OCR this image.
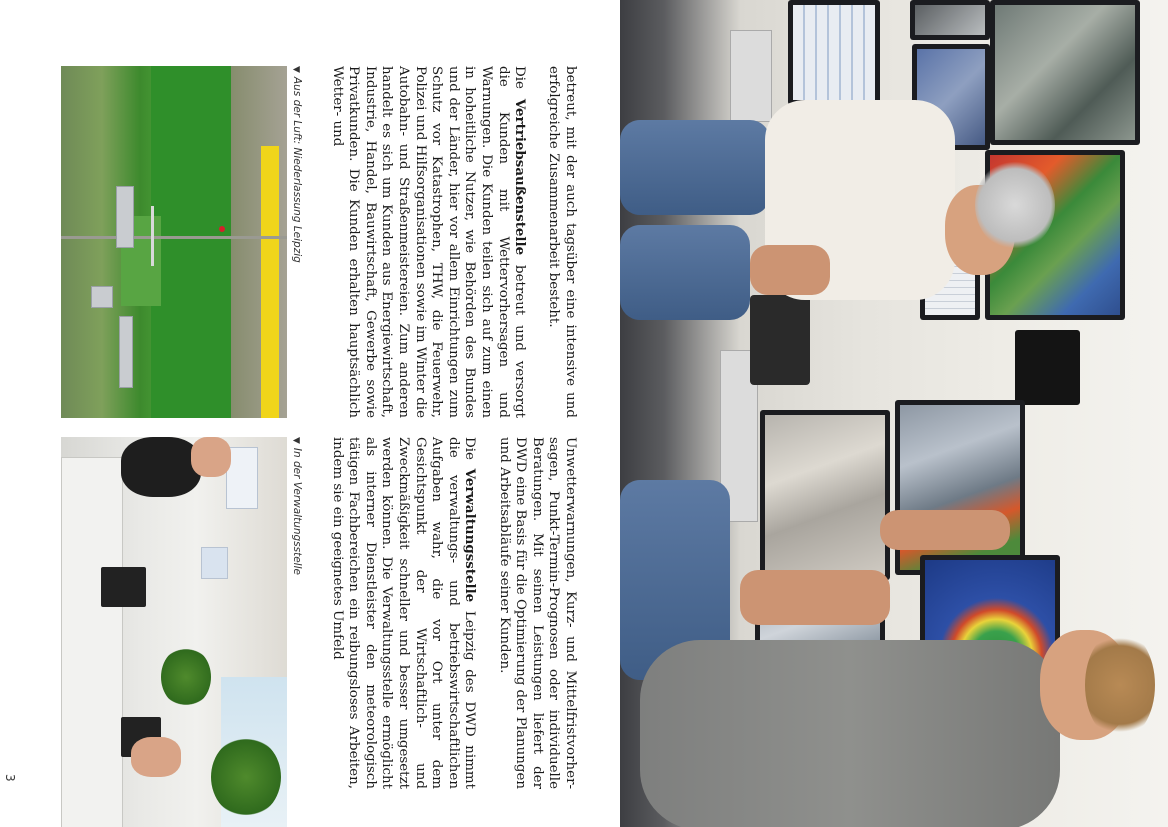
betreut, mit der auch tagsüber eine intensive und erfolgreiche Zusammenarbeit besteht.

Die Vertriebsaußenstelle betreut und versorgt die Kunden mit Wettervorhersagen und Warnungen. Die Kunden teilen sich auf zum einen in hoheitliche Nutzer, wie Behörden des Bundes und der Länder, hier vor allem Einrichtungen zum Schutz vor Katastrophen, THW, die Feuerwehr, Polizei und Hilfsorganisationen sowie im Winter die Autobahn- und Straßenmeistereien. Zum anderen handelt es sich um Kunden aus Energiewirtschaft, Industrie, Handel, Bauwirtschaft, Gewerbe sowie Privatkunden. Die Kunden erhalten hauptsächlich Wetter- und

Unwetterwarnungen, Kurz- und Mittelfristvorhersagen, Punkt-Termin-Prognosen oder individuelle Beratungen. Mit seinen Leistungen liefert der DWD eine Basis für die Optimierung der Planungen und Arbeitsabläufe seiner Kunden.

Die Verwaltungsstelle Leipzig des DWD nimmt die verwaltungs- und betriebswirtschaftlichen Aufgaben wahr, die vor Ort unter dem Gesichtspunkt der Wirtschaftlich- und Zweckmäßigkeit schneller und besser umgesetzt werden können. Die Verwaltungsstelle ermöglicht als interner Dienstleister den meteorologisch tätigen Fachbereichen ein reibungsloses Arbeiten, indem sie ein geeignetes Umfeld

▼Aus der Luft: Niederlassung Leipzig
▼In der Verwaltungsstelle
3
